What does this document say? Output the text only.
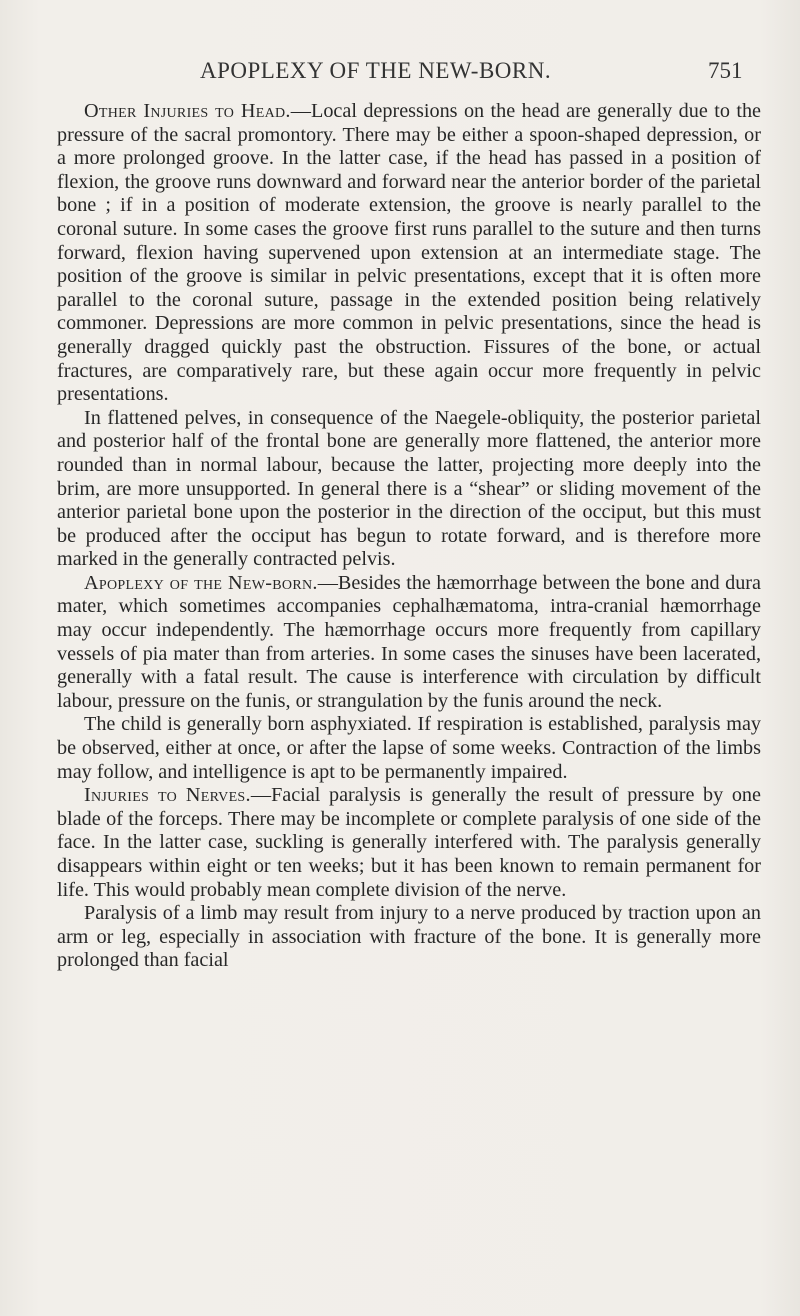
APOPLEXY OF THE NEW-BORN.	751

Other Injuries to Head.—Local depressions on the head are generally due to the pressure of the sacral promontory. There may be either a spoon-shaped depression, or a more prolonged groove. In the latter case, if the head has passed in a position of flexion, the groove runs downward and forward near the anterior border of the parietal bone ; if in a position of moderate extension, the groove is nearly parallel to the coronal suture. In some cases the groove first runs parallel to the suture and then turns forward, flexion having supervened upon extension at an intermediate stage. The position of the groove is similar in pelvic presentations, except that it is often more parallel to the coronal suture, passage in the extended position being relatively commoner. Depressions are more common in pelvic presentations, since the head is generally dragged quickly past the obstruction. Fissures of the bone, or actual fractures, are comparatively rare, but these again occur more frequently in pelvic presentations.

In flattened pelves, in consequence of the Naegele-obliquity, the posterior parietal and posterior half of the frontal bone are generally more flattened, the anterior more rounded than in normal labour, because the latter, projecting more deeply into the brim, are more unsupported. In general there is a “shear” or sliding movement of the anterior parietal bone upon the posterior in the direction of the occiput, but this must be produced after the occiput has begun to rotate forward, and is therefore more marked in the generally contracted pelvis.

Apoplexy of the New-born.—Besides the hæmorrhage between the bone and dura mater, which sometimes accompanies cephalhæmatoma, intra-cranial hæmorrhage may occur independently. The hæmorrhage occurs more frequently from capillary vessels of pia mater than from arteries. In some cases the sinuses have been lacerated, generally with a fatal result. The cause is interference with circulation by difficult labour, pressure on the funis, or strangulation by the funis around the neck.

The child is generally born asphyxiated. If respiration is established, paralysis may be observed, either at once, or after the lapse of some weeks. Contraction of the limbs may follow, and intelligence is apt to be permanently impaired.

Injuries to Nerves.—Facial paralysis is generally the result of pressure by one blade of the forceps. There may be incomplete or complete paralysis of one side of the face. In the latter case, suckling is generally interfered with. The paralysis generally disappears within eight or ten weeks; but it has been known to remain permanent for life. This would probably mean complete division of the nerve.

Paralysis of a limb may result from injury to a nerve produced by traction upon an arm or leg, especially in association with fracture of the bone. It is generally more prolonged than facial
